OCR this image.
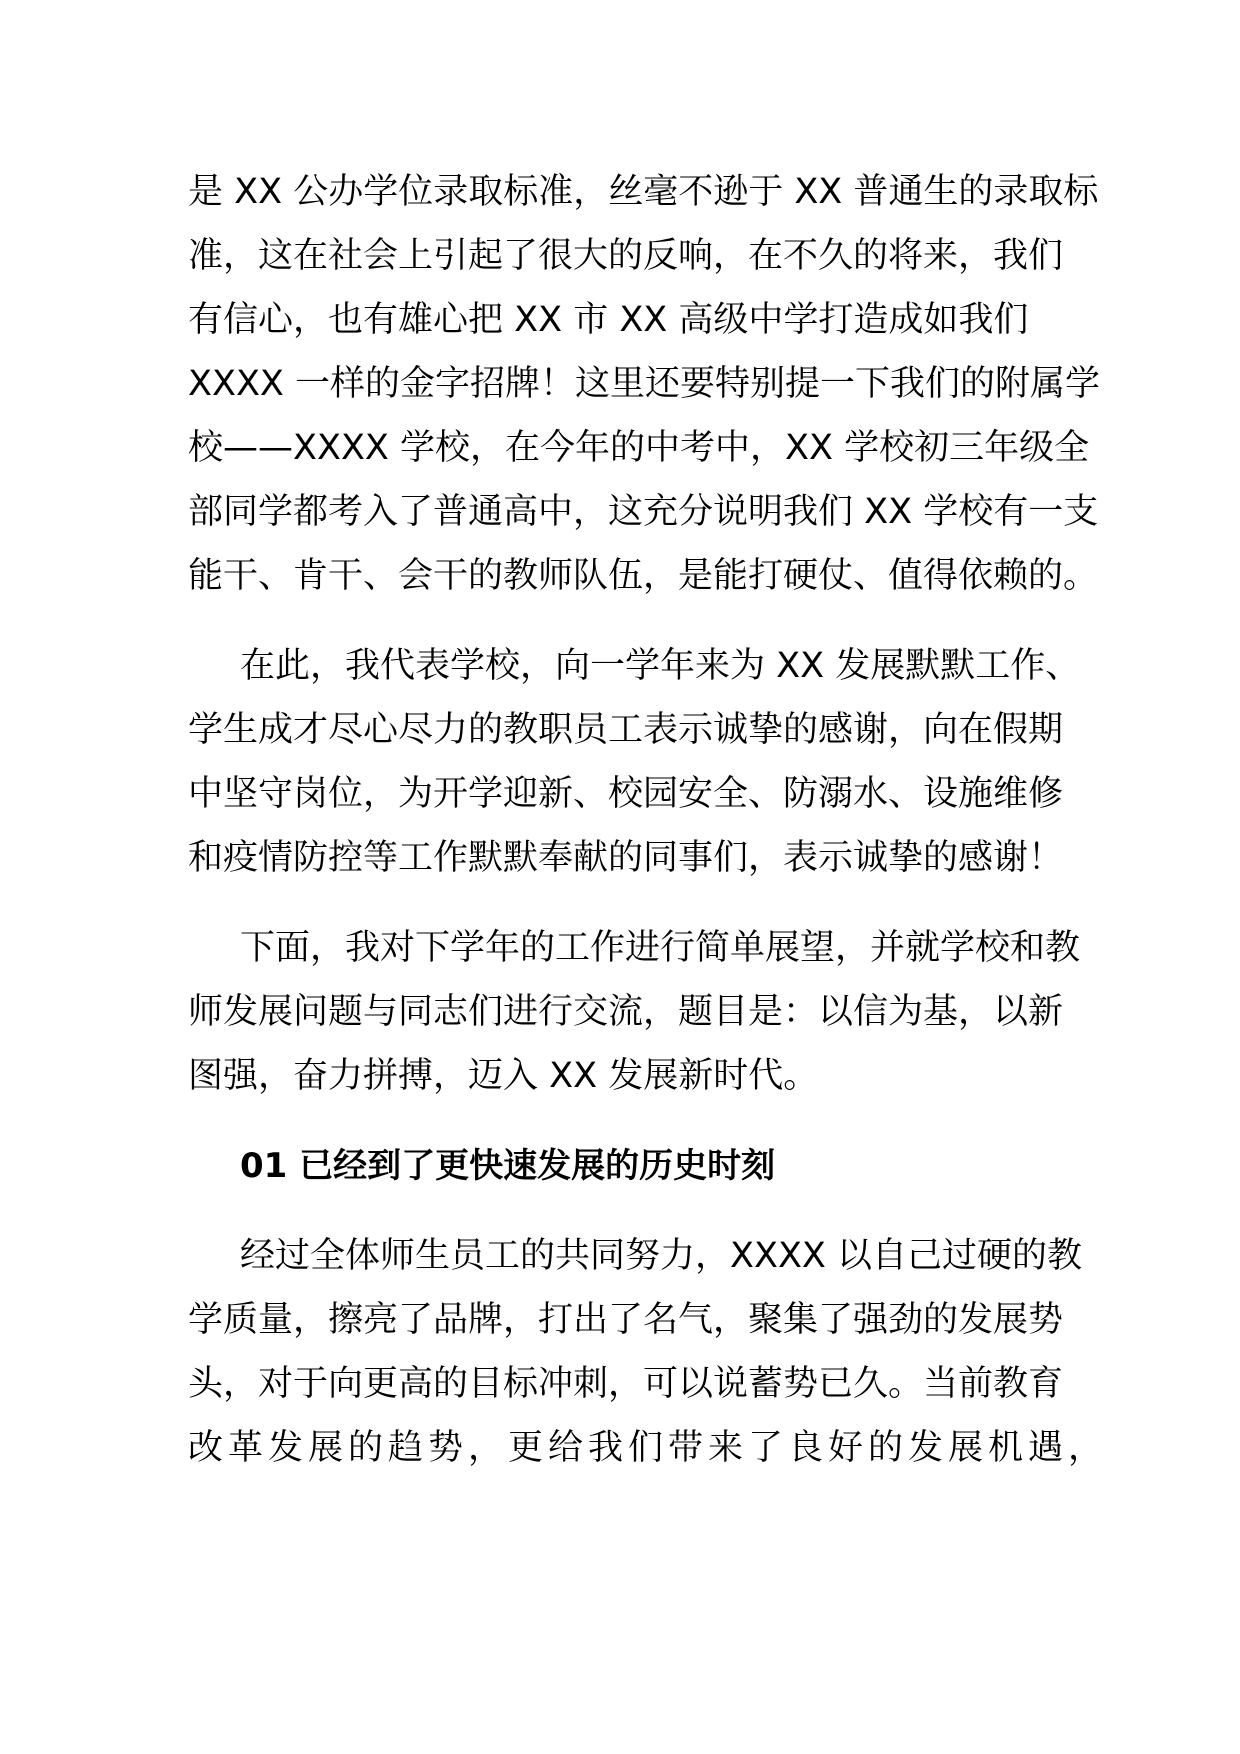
是 XX 公办学位录取标准，丝毫不逊于 XX 普通生的录取标
准，这在社会上引起了很大的反响，在不久的将来，我们
有信心，也有雄心把 XX 市 XX 高级中学打造成如我们
XXXX 一样的金字招牌！这里还要特别提一下我们的附属学
校——XXXX 学校，在今年的中考中，XX 学校初三年级全
部同学都考入了普通高中，这充分说明我们 XX 学校有一支
能干、肯干、会干的教师队伍，是能打硬仗、值得依赖的。
在此，我代表学校，向一学年来为 XX 发展默默工作、
学生成才尽心尽力的教职员工表示诚挚的感谢，向在假期
中坚守岗位，为开学迎新、校园安全、防溺水、设施维修
和疫情防控等工作默默奉献的同事们，表示诚挚的感谢！
下面，我对下学年的工作进行简单展望，并就学校和教
师发展问题与同志们进行交流，题目是：以信为基，以新
图强，奋力拼搏，迈入 XX 发展新时代。
01 已经到了更快速发展的历史时刻
经过全体师生员工的共同努力，XXXX 以自己过硬的教
学质量，擦亮了品牌，打出了名气，聚集了强劲的发展势
头，对于向更高的目标冲刺，可以说蓄势已久。当前教育
改革发展的趋势，更给我们带来了良好的发展机遇，
